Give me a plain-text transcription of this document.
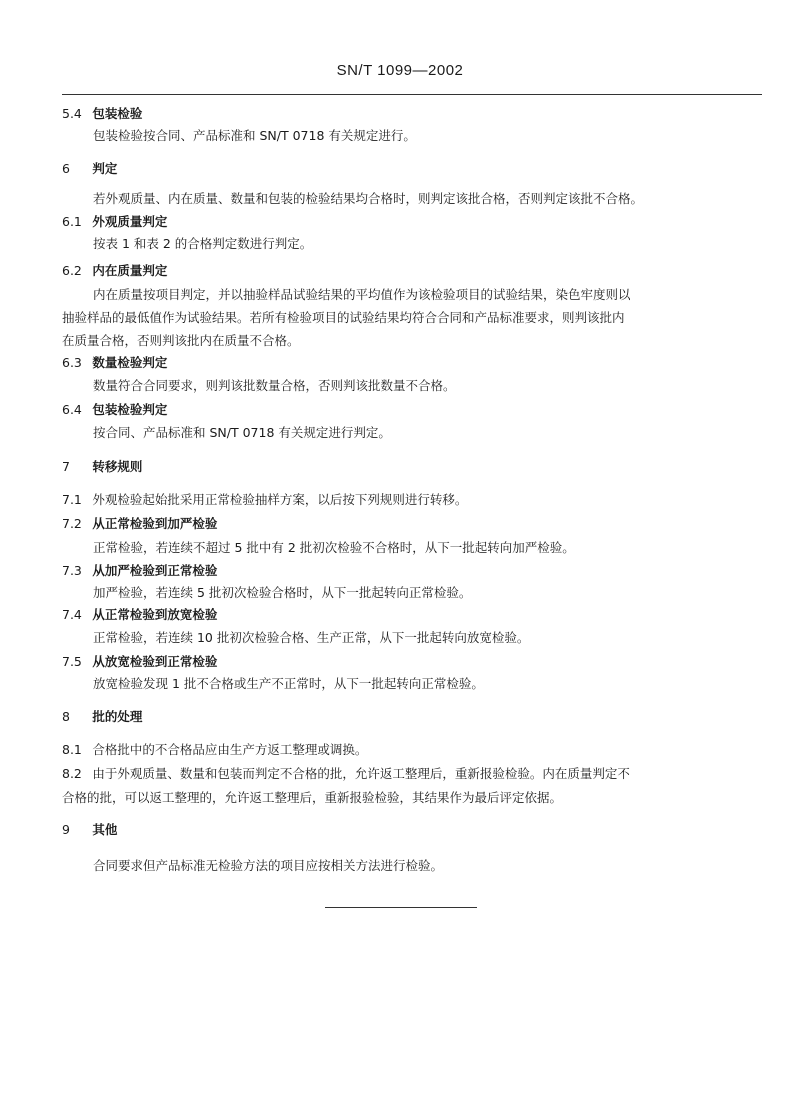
SN/T 1099—2002
5.4 包装检验
包装检验按合同、产品标准和 SN/T 0718 有关规定进行。
6 判定
若外观质量、内在质量、数量和包装的检验结果均合格时，则判定该批合格，否则判定该批不合格。
6.1 外观质量判定
按表 1 和表 2 的合格判定数进行判定。
6.2 内在质量判定
内在质量按项目判定，并以抽验样品试验结果的平均值作为该检验项目的试验结果，染色牢度则以
抽验样品的最低值作为试验结果。若所有检验项目的试验结果均符合合同和产品标准要求，则判该批内
在质量合格，否则判该批内在质量不合格。
6.3 数量检验判定
数量符合合同要求，则判该批数量合格，否则判该批数量不合格。
6.4 包装检验判定
按合同、产品标准和 SN/T 0718 有关规定进行判定。
7 转移规则
7.1 外观检验起始批采用正常检验抽样方案，以后按下列规则进行转移。
7.2 从正常检验到加严检验
正常检验，若连续不超过 5 批中有 2 批初次检验不合格时，从下一批起转向加严检验。
7.3 从加严检验到正常检验
加严检验，若连续 5 批初次检验合格时，从下一批起转向正常检验。
7.4 从正常检验到放宽检验
正常检验，若连续 10 批初次检验合格、生产正常，从下一批起转向放宽检验。
7.5 从放宽检验到正常检验
放宽检验发现 1 批不合格或生产不正常时，从下一批起转向正常检验。
8 批的处理
8.1 合格批中的不合格品应由生产方返工整理或调换。
8.2 由于外观质量、数量和包装而判定不合格的批，允许返工整理后，重新报验检验。内在质量判定不
合格的批，可以返工整理的，允许返工整理后，重新报验检验，其结果作为最后评定依据。
9 其他
合同要求但产品标准无检验方法的项目应按相关方法进行检验。
